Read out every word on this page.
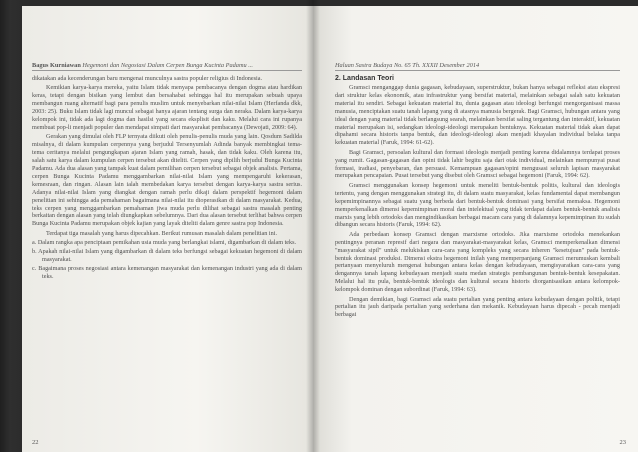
Bagus Kurniawan Hegemoni dan Negosiasi Dalam Cerpen Bunga Kucinta Padamu ...

dikatakan ada kecenderungan baru mengenai munculnya sastra populer religius di Indonesia.

Kemikian karya-karya mereka, yaitu Islam tidak menyapa pembacanya dengan dogma atau hardikan keras, tetapi dengan bisikan yang lembut dan bersahabat sehingga hal itu merupakan sebuah upaya membangun ruang alternatif bagi para penulis muslim untuk menyebarkan nilai-nilai Islam (Herfanda dkk, 2003: 25). Buku Islam tidak lagi muncul sebagai hanya ajaran tentang surga dan neraka. Dalam karya-karya kelompok ini, tidak ada lagi dogma dan hasilsi yang secara eksplisit dan kaku. Melalui cara ini rupanya membuat pop-li menjadi populer dan mendapat simpati dari masyarakat pembacanya (Dewojati, 2009: 64).

Gerakan yang dimulai oleh FLP ternyata diikuti oleh penulis-penulis muda yang lain. Qosdum Sadilda misalnya, di dalam kumpulan cerpennya yang berjudul Tersenyumlah Adinda banyak membingkai tema-tema ceritanya melalui pengungkapan ajaran Islam yang ramah, hasak, dan tidak kaku. Oleh karena itu, salah satu karya dalam kumpulan cerpen tersebut akan diteliti. Cerpen yang dipilih berjudul Bunga Kucinta Padamu. Ada dua alasan yang tampak kuat dalam pemilihan cerpen tersebut sebagai objek analisis. Pertama, cerpen Bunga Kucinta Padamu menggambarkan nilai-nilai Islam yang mempengaruhi kekerasan, kemesraan, dan ringan. Alasan lain ialah membedakan karya tersebut dengan karya-karya sastra serius. Adanya nilai-nilai Islam yang diangkat dengan ramah perlu dikaji dalam perspektif hegemoni dalam penelitian ini sehingga ada pemahaman bagaimana nilai-nilai itu dioperasikan di dalam masyarakat. Kedua, teks cerpen yang menggambarkan pemahaman jiwa muda perlu dilihat sebagai sastra masalah penting berkaitan dengan alasan yang telah diungkapkan sebelumnya. Dari dua alasan tersebut terlihat bahwa cerpen Bunga Kucinta Padamu merupakan objek kajian yang layak diteliti dalam genre sastra pop Indonesia.

Terdapat tiga masalah yang harus dipecahkan. Berikut rumusan masalah dalam penelitian ini.

a. Dalam rangka apa penciptaan pemikahan usia muda yang berlangkai islami, digambarkan di dalam teks.
b. Apakah nilai-nilai Islam yang digambarkan di dalam teks berfungsi sebagai kekuatan hegemoni di dalam masyarakat.
c. Bagaimana proses negosiasi antara kemenangan masyarakat dan kemenangan industri yang ada di dalam teks.
22
Haluan Sastra Budaya No. 65 Th. XXXII Desember 2014
2. Landasan Teori

Gramsci menganggap dunia gagasan, kebudayaan, superstruktur, bukan hanya sebagai refleksi atau ekspresi dari struktur kelas ekonomik, atau infrastruktur yang bersifat material, melainkan sebagai salah satu kekuatan material itu sendiri. Sebagai kekuatan material itu, dunia gagasan atau ideologi berfungsi mengorganisasi massa manusia, menciptakan suatu tanah lapang yang di atasnya manusia bergerak. Bagi Gramsci, hubungan antara yang ideal dengan yang material tidak berlangsung searah, melainkan bersifat saling tergantung dan interaktif, kekuatan material merupakan isi, sedangkan ideologi-ideologi merupakan bentuknya. Kekuatan material tidak akan dapat dipahami secara historis tanpa bentuk, dan ideologi-ideologi akan menjadi khayalan individual belaka tanpa kekuatan material (Faruk, 1994: 61-62).

Bagi Gramsci, persoalan kultural dan formasi ideologis menjadi penting karena didalamnya terdapat proses yang rumit. Gagasan-gagasan dan opini tidak lahir begitu saja dari otak individual, melainkan mempunyai pusat formasi, iradiasi, penyebaran, dan persuasi. Kemampuan gagasan/opini mengusasi seluruh lapisan masyarakat merupakan pencapaian. Pusat tersebut yang disebut oleh Gramsci sebagai hegemoni (Faruk, 1994: 62).

Gramsci menggunakan konsep hegemoni untuk meneliti bentuk-bentuk politis, kultural dan ideologis tertentu, yang dengan menggunakan strategi itu, di dalam suatu masyarakat, kelas fundamental dapat membangun kepemimpinannya sebagai suatu yang berbeda dari bentuk-bentuk dominasi yang bersifat memaksa. Hegemoni memperkenalkan dimensi kepemimpinan moral dan intelektual yang tidak terdapat dalam bentuk-bentuk analisis marxis yang lebih ortodoks dan mengindikasikan berbagai macam cara yang di dalamnya kepemimpinan itu sudah dibangun secara historis (Faruk, 1994: 62).

Ada perbedaan konsep Gramsci dengan marxisme ortodoks. Jika marxisme ortodoks menekankan pentingnya peranan represif dari negara dan masyarakat-masyarakat kelas, Gramsci memperkenalkan dimensi "masyarakat sipil" untuk melukiskan cara-cara yang kompleks yang secara inheren "kesetujuan" pada bentuk-bentuk dominasi produksi. Dimensi ekstra hegemoni inilah yang memperpanjang Gramsci merumuskan kembali pertanyaan menyeluruh mengenai hubungan antara kelas dengan kebudayaan, mengisyaratkan cara-cara yang dengannya tanah lapang kebudayaan menjadi suatu medan strategis pembangunan bentuk-bentuk kesepakatan. Melalui hal itu pula, bentuk-bentuk ideologis dan kultural secara historis diorganisasikan antara kelompok-kelompok dominan dengan subordinat (Faruk, 1994: 63).

Dengan demikian, bagi Gramsci ada suatu pertalian yang penting antara kebudayaan dengan politik, tetapi pertalian itu jauh daripada pertalian yang sederhana dan mekanik. Kebudayaan harus dipecah - pecah menjadi berbagai

23
